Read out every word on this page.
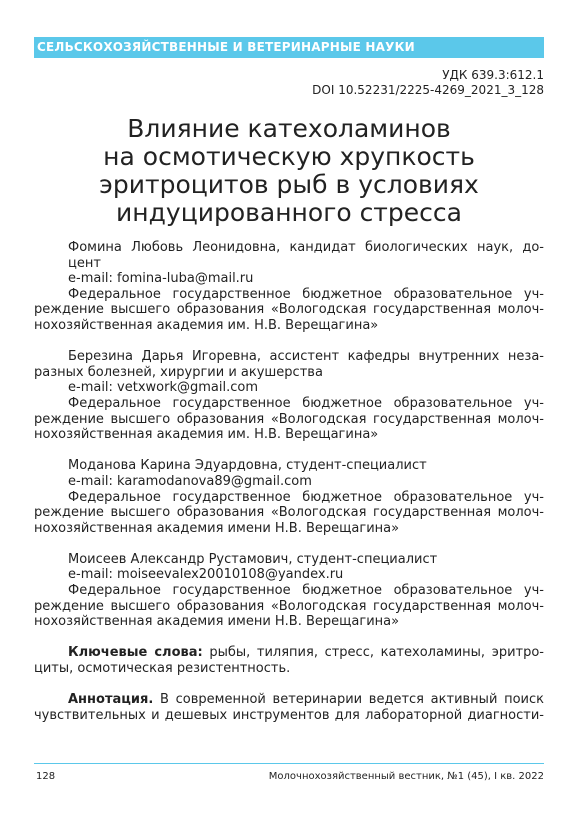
СЕЛЬСКОХОЗЯЙСТВЕННЫЕ И ВЕТЕРИНАРНЫЕ НАУКИ
УДК 639.3:612.1
DOI 10.52231/2225-4269_2021_3_128
Влияние катехоламинов
на осмотическую хрупкость
эритроцитов рыб в условиях
индуцированного стресса
Фомина Любовь Леонидовна, кандидат биологических наук, до-
цент
e-mail: fomina-luba@mail.ru
Федеральное государственное бюджетное образовательное уч-
реждение высшего образования «Вологодская государственная молоч-
нохозяйственная академия им. Н.В. Верещагина»
Березина Дарья Игоревна, ассистент кафедры внутренних неза-
разных болезней, хирургии и акушерства
e-mail: vetxwork@gmail.com
Федеральное государственное бюджетное образовательное уч-
реждение высшего образования «Вологодская государственная молоч-
нохозяйственная академия им. Н.В. Верещагина»
Моданова Карина Эдуардовна, студент-специалист
e-mail: karamodanova89@gmail.com
Федеральное государственное бюджетное образовательное уч-
реждение высшего образования «Вологодская государственная молоч-
нохозяйственная академия имени Н.В. Верещагина»
Моисеев Александр Рустамович, студент-специалист
e-mail: moiseevalex20010108@yandex.ru
Федеральное государственное бюджетное образовательное уч-
реждение высшего образования «Вологодская государственная молоч-
нохозяйственная академия имени Н.В. Верещагина»
Ключевые слова: рыбы, тиляпия, стресс, катехоламины, эритро-
циты, осмотическая резистентность.
Аннотация. В современной ветеринарии ведется активный поиск
чувствительных и дешевых инструментов для лабораторной диагности-
128	Молочнохозяйственный вестник, №1 (45), I кв. 2022
